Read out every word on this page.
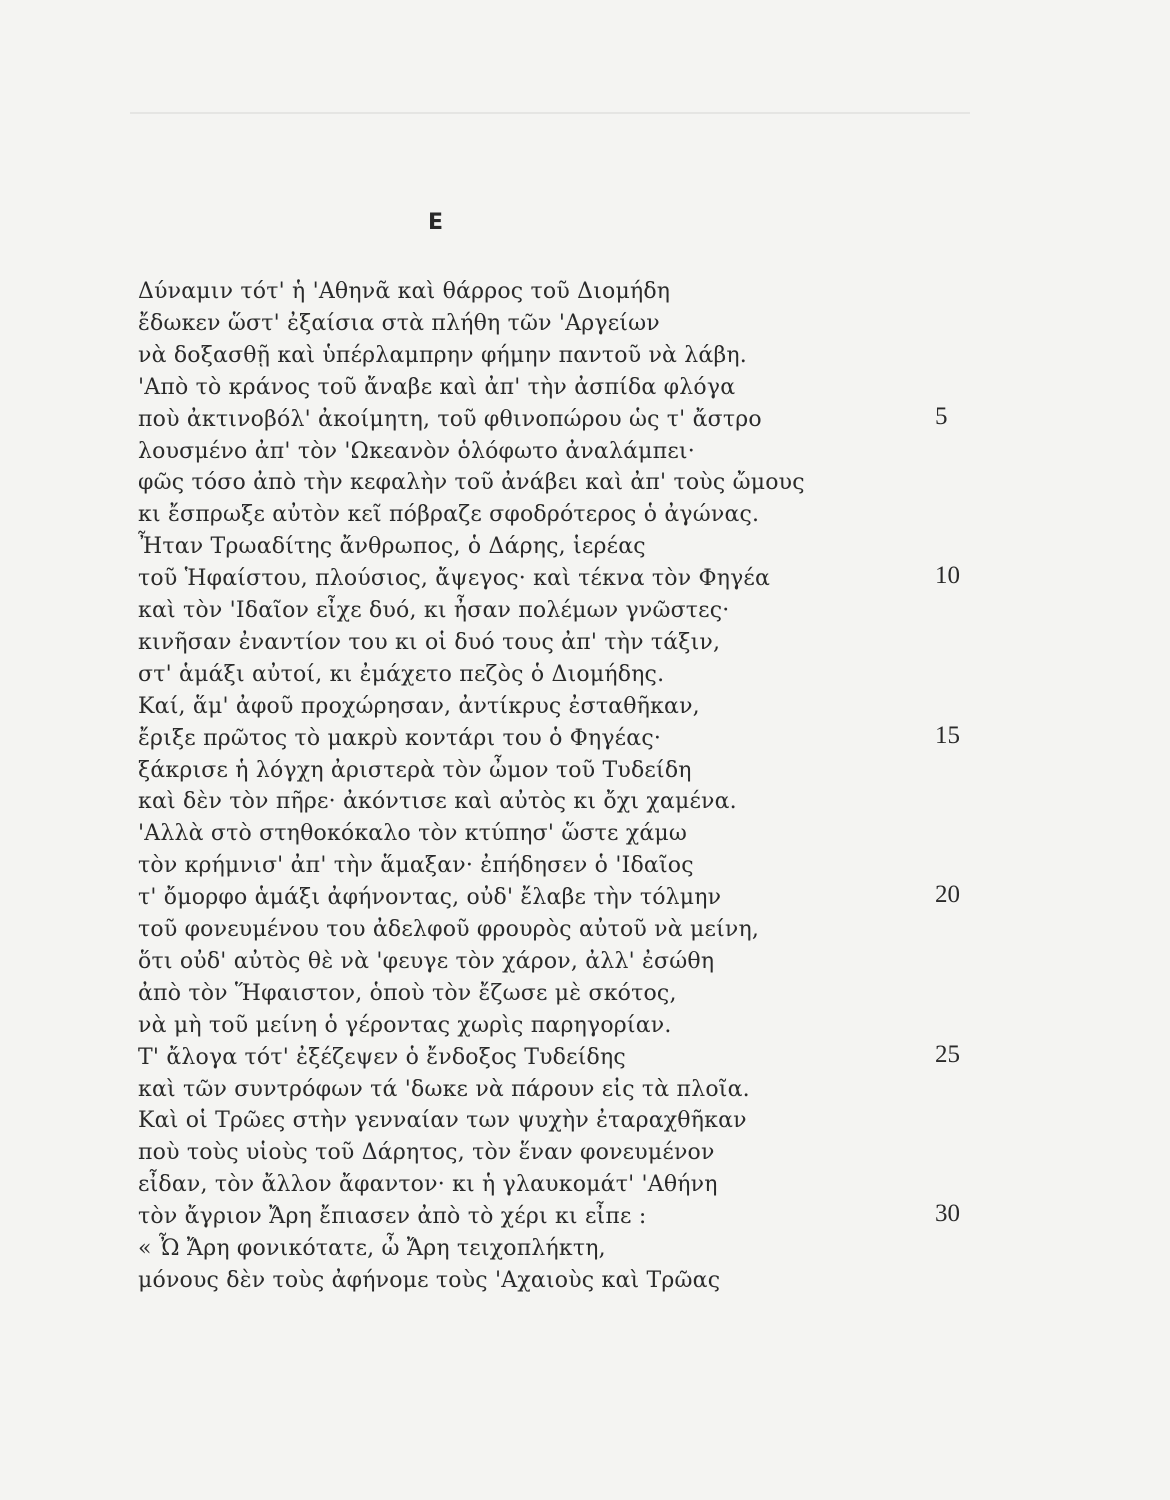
E
Δύναμιν τότ' ἡ 'Αθηνᾶ καὶ θάρρος τοῦ Διομήδη
ἔδωκεν ὥστ' ἐξαίσια στὰ πλήθη τῶν 'Αργείων
νὰ δοξασθῇ καὶ ὑπέρλαμπρην φήμην παντοῦ νὰ λάβη.
'Απὸ τὸ κράνος τοῦ ἄναβε καὶ ἀπ' τὴν ἀσπίδα φλόγα
ποὺ ἀκτινοβόλ' ἀκοίμητη, τοῦ φθινοπώρου ὡς τ' ἄστρο	5
λουσμένο ἀπ' τὸν 'Ωκεανὸν ὁλόφωτο ἀναλάμπει·
φῶς τόσο ἀπὸ τὴν κεφαλὴν τοῦ ἀνάβει καὶ ἀπ' τοὺς ὤμους
κι ἔσπρωξε αὐτὸν κεῖ πόβραζε σφοδρότερος ὁ ἀγώνας.
Ἦταν Τρωαδίτης ἄνθρωπος, ὁ Δάρης, ἱερέας
τοῦ Ἡφαίστου, πλούσιος, ἄψεγος· καὶ τέκνα τὸν Φηγέα	10
καὶ τὸν 'Ιδαῖον εἶχε δυό, κι ἦσαν πολέμων γνῶστες·
κινῆσαν ἐναντίον του κι οἱ δυό τους ἀπ' τὴν τάξιν,
στ' ἁμάξι αὐτοί, κι ἐμάχετο πεζὸς ὁ Διομήδης.
Καί, ἅμ' ἀφοῦ προχώρησαν, ἀντίκρυς ἐσταθῆκαν,
ἔριξε πρῶτος τὸ μακρὺ κοντάρι του ὁ Φηγέας·	15
ξάκρισε ἡ λόγχη ἀριστερὰ τὸν ὦμον τοῦ Τυδείδη
καὶ δὲν τὸν πῆρε· ἀκόντισε καὶ αὐτὸς κι ὄχι χαμένα.
'Αλλὰ στὸ στηθοκόκαλο τὸν κτύπησ' ὥστε χάμω
τὸν κρήμνισ' ἀπ' τὴν ἅμαξαν· ἐπήδησεν ὁ 'Ιδαῖος
τ' ὄμορφο ἁμάξι ἀφήνοντας, οὐδ' ἔλαβε τὴν τόλμην	20
τοῦ φονευμένου του ἀδελφοῦ φρουρὸς αὐτοῦ νὰ μείνη,
ὅτι οὐδ' αὐτὸς θὲ νὰ 'φευγε τὸν χάρον, ἀλλ' ἐσώθη
ἀπὸ τὸν Ἥφαιστον, ὁποὺ τὸν ἔζωσε μὲ σκότος,
νὰ μὴ τοῦ μείνη ὁ γέροντας χωρὶς παρηγορίαν.
Τ' ἄλογα τότ' ἐξέζεψεν ὁ ἔνδοξος Τυδείδης	25
καὶ τῶν συντρόφων τά 'δωκε νὰ πάρουν εἰς τὰ πλοῖα.
Καὶ οἱ Τρῶες στὴν γενναίαν των ψυχὴν ἐταραχθῆκαν
ποὺ τοὺς υἱοὺς τοῦ Δάρητος, τὸν ἕναν φονευμένον
εἶδαν, τὸν ἄλλον ἄφαντον· κι ἡ γλαυκομάτ' 'Αθήνη
τὸν ἄγριον Ἄρη ἔπιασεν ἀπὸ τὸ χέρι κι εἶπε :	30
« Ὦ Ἄρη φονικότατε, ὦ Ἄρη τειχοπλήκτη,
μόνους δὲν τοὺς ἀφήνομε τοὺς 'Αχαιοὺς καὶ Τρῶας
